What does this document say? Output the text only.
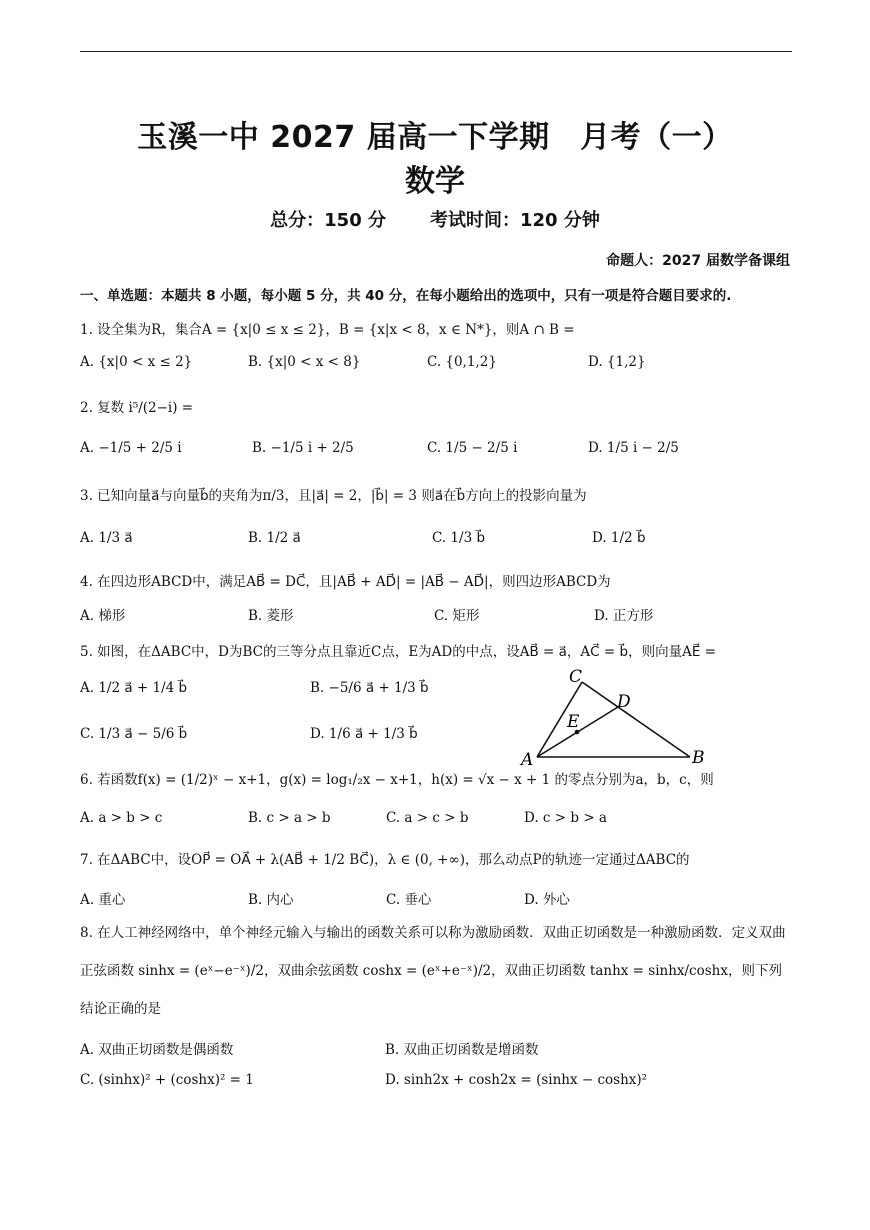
玉溪一中 2027 届高一下学期　月考（一）
数学
总分：150 分 考试时间：120 分钟
命题人：2027 届数学备课组
一、单选题：本题共 8 小题，每小题 5 分，共 40 分，在每小题给出的选项中，只有一项是符合题目要求的.
1. 设全集为R，集合A = {x|0 ≤ x ≤ 2}，B = {x|x < 8，x ∈ N*}，则A ∩ B =
A. {x|0 < x ≤ 2}	B. {x|0 < x < 8}	C. {0,1,2}	D. {1,2}
2. 复数 i⁵/(2−i) =
A. −1/5 + 2/5 i	B. −1/5 i + 2/5	C. 1/5 − 2/5 i	D. 1/5 i − 2/5
3. 已知向量a⃗与向量b⃗的夹角为π/3，且|a⃗| = 2，|b⃗| = 3 则a⃗在b⃗方向上的投影向量为
A. 1/3 a⃗	B. 1/2 a⃗	C. 1/3 b⃗	D. 1/2 b⃗
4. 在四边形ABCD中，满足AB⃗ = DC⃗，且|AB⃗ + AD⃗| = |AB⃗ − AD⃗|，则四边形ABCD为
A. 梯形	B. 菱形	C. 矩形	D. 正方形
5. 如图，在ΔABC中，D为BC的三等分点且靠近C点，E为AD的中点，设AB⃗ = a⃗，AC⃗ = b⃗，则向量AE⃗ =
A. 1/2 a⃗ + 1/4 b⃗	B. −5/6 a⃗ + 1/3 b⃗
C. 1/3 a⃗ − 5/6 b⃗	D. 1/6 a⃗ + 1/3 b⃗
A	B
C
D
E
6. 若函数f(x) = (1/2)ˣ − x+1，g(x) = log₁/₂x − x+1，h(x) = √x − x + 1 的零点分别为a，b，c，则
A. a > b > c	B. c > a > b	C. a > c > b	D. c > b > a
7. 在ΔABC中，设OP⃗ = OA⃗ + λ(AB⃗ + 1/2 BC⃗)，λ ∈ (0, +∞)，那么动点P的轨迹一定通过ΔABC的
A. 重心	B. 内心	C. 垂心	D. 外心
8. 在人工神经网络中，单个神经元输入与输出的函数关系可以称为激励函数．双曲正切函数是一种激励函数．定义双曲正弦函数 sinhx = (eˣ−e⁻ˣ)/2，双曲余弦函数 coshx = (eˣ+e⁻ˣ)/2，双曲正切函数 tanhx = sinhx/coshx，则下列结论正确的是
A. 双曲正切函数是偶函数	B. 双曲正切函数是增函数
C. (sinhx)² + (coshx)² = 1	D. sinh2x + cosh2x = (sinhx − coshx)²
